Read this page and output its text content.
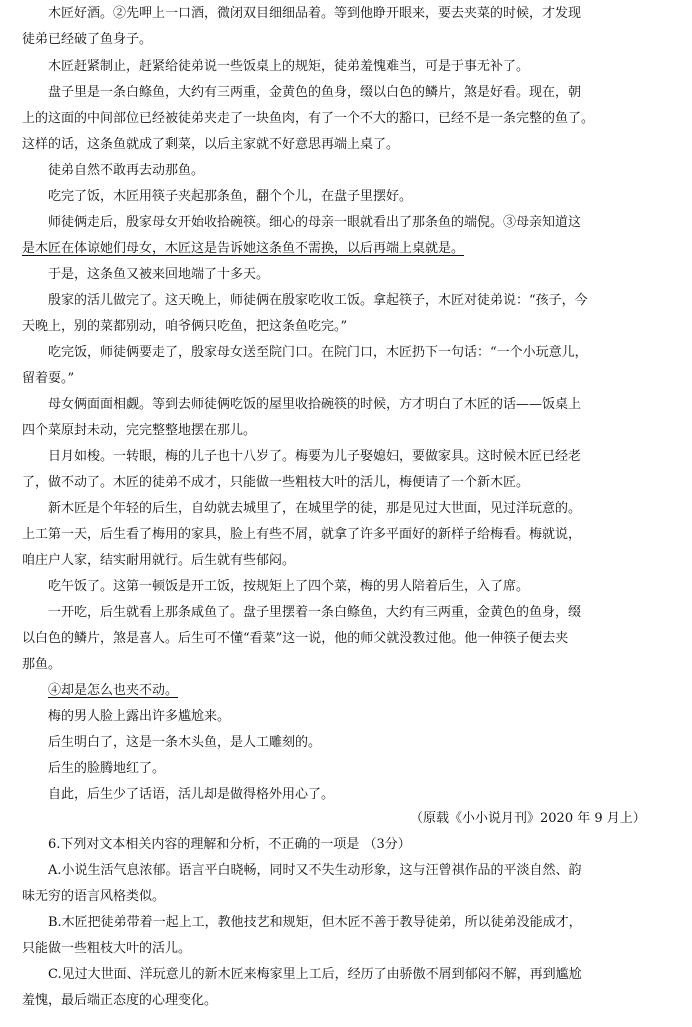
木匠好酒。②先呷上一口酒，微闭双目细细品着。等到他睁开眼来，要去夹菜的时候，才发现
徒弟已经破了鱼身子。
木匠赶紧制止，赶紧给徒弟说一些饭桌上的规矩，徒弟羞愧难当，可是于事无补了。
盘子里是一条白鲦鱼，大约有三两重，金黄色的鱼身，缀以白色的鳞片，煞是好看。现在，朝
上的这面的中间部位已经被徒弟夹走了一块鱼肉，有了一个不大的豁口，已经不是一条完整的鱼了。
这样的话，这条鱼就成了剩菜，以后主家就不好意思再端上桌了。
徒弟自然不敢再去动那鱼。
吃完了饭，木匠用筷子夹起那条鱼，翻个个儿，在盘子里摆好。
师徒俩走后，殷家母女开始收拾碗筷。细心的母亲一眼就看出了那条鱼的端倪。③母亲知道这
是木匠在体谅她们母女，木匠这是告诉她这条鱼不需换，以后再端上桌就是。
于是，这条鱼又被来回地端了十多天。
殷家的活儿做完了。这天晚上，师徒俩在殷家吃收工饭。拿起筷子，木匠对徒弟说：“孩子，今
天晚上，别的菜都别动，咱爷俩只吃鱼，把这条鱼吃完。”
吃完饭，师徒俩要走了，殷家母女送至院门口。在院门口，木匠扔下一句话：“一个小玩意儿，
留着耍。”
母女俩面面相觑。等到去师徒俩吃饭的屋里收拾碗筷的时候，方才明白了木匠的话——饭桌上
四个菜原封未动，完完整整地摆在那儿。
日月如梭。一转眼，梅的儿子也十八岁了。梅要为儿子娶媳妇，要做家具。这时候木匠已经老
了，做不动了。木匠的徒弟不成才，只能做一些粗枝大叶的活儿，梅便请了一个新木匠。
新木匠是个年轻的后生，自幼就去城里了，在城里学的徒，那是见过大世面，见过洋玩意的。
上工第一天，后生看了梅用的家具，脸上有些不屑，就拿了许多平面好的新样子给梅看。梅就说，
咱庄户人家，结实耐用就行。后生就有些郁闷。
吃午饭了。这第一顿饭是开工饭，按规矩上了四个菜，梅的男人陪着后生，入了席。
一开吃，后生就看上那条咸鱼了。盘子里摆着一条白鲦鱼，大约有三两重，金黄色的鱼身，缀
以白色的鳞片，煞是喜人。后生可不懂“看菜”这一说，他的师父就没教过他。他一伸筷子便去夹
那鱼。
④却是怎么也夹不动。
梅的男人脸上露出许多尴尬来。
后生明白了，这是一条木头鱼，是人工雕刻的。
后生的脸腾地红了。
自此，后生少了话语，活儿却是做得格外用心了。
（原载《小小说月刊》2020 年 9 月上）
6.下列对文本相关内容的理解和分析，不正确的一项是 （3分）
A.小说生活气息浓郁。语言平白晓畅，同时又不失生动形象，这与汪曾祺作品的平淡自然、韵
味无穷的语言风格类似。
B.木匠把徒弟带着一起上工，教他技艺和规矩，但木匠不善于教导徒弟，所以徒弟没能成才，
只能做一些粗枝大叶的活儿。
C.见过大世面、洋玩意儿的新木匠来梅家里上工后，经历了由骄傲不屑到郁闷不解，再到尴尬
羞愧，最后端正态度的心理变化。
